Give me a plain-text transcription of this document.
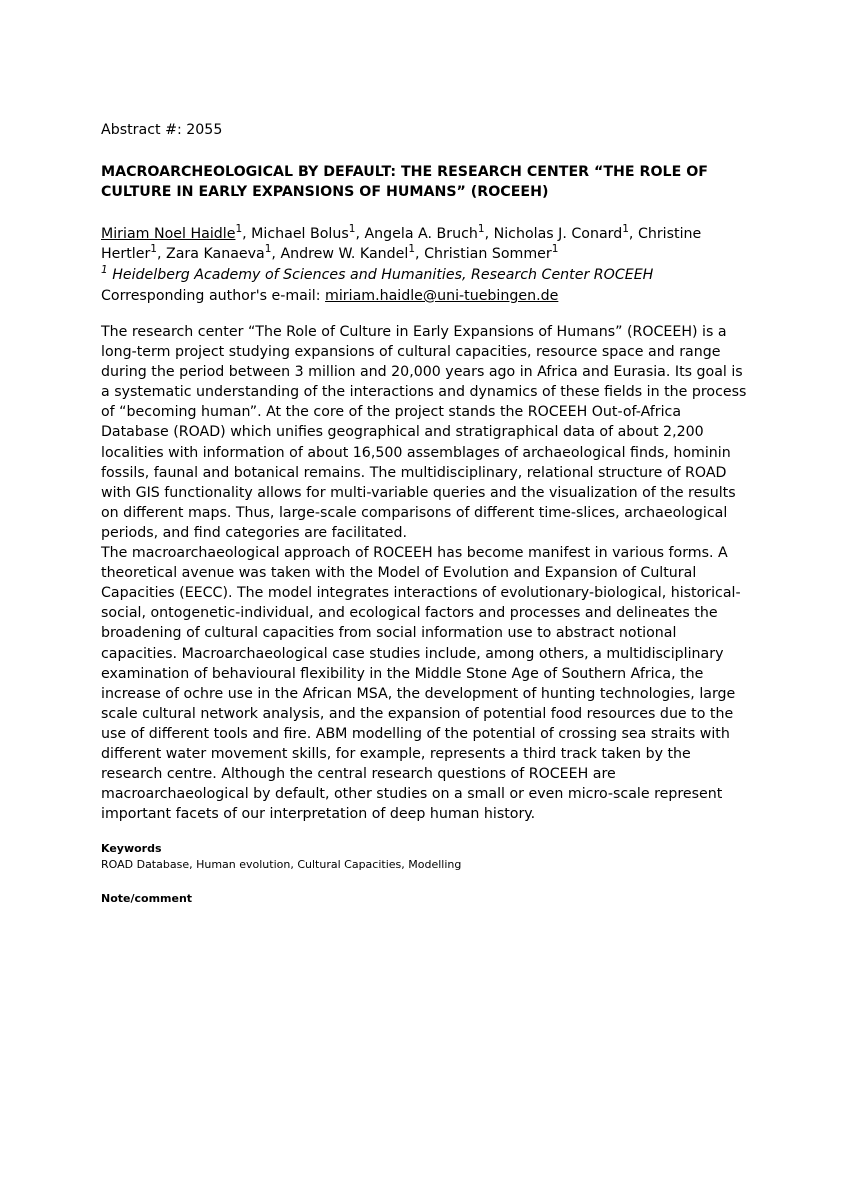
Abstract #: 2055
MACROARCHEOLOGICAL BY DEFAULT: THE RESEARCH CENTER “THE ROLE OF CULTURE IN EARLY EXPANSIONS OF HUMANS” (ROCEEH)
Miriam Noel Haidle$^1$, Michael Bolus$^1$, Angela A. Bruch$^1$, Nicholas J. Conard$^1$, Christine Hertler$^1$, Zara Kanaeva$^1$, Andrew W. Kandel$^1$, Christian Sommer$^1$
$^1$ Heidelberg Academy of Sciences and Humanities, Research Center ROCEEH
Corresponding author's e-mail: miriam.haidle@uni-tuebingen.de

The research center “The Role of Culture in Early Expansions of Humans” (ROCEEH) is a long-term project studying expansions of cultural capacities, resource space and range during the period between 3 million and 20,000 years ago in Africa and Eurasia. Its goal is a systematic understanding of the interactions and dynamics of these fields in the process of “becoming human”. At the core of the project stands the ROCEEH Out-of-Africa Database (ROAD) which unifies geographical and stratigraphical data of about 2,200 localities with information of about 16,500 assemblages of archaeological finds, hominin fossils, faunal and botanical remains. The multidisciplinary, relational structure of ROAD with GIS functionality allows for multi-variable queries and the visualization of the results on different maps. Thus, large-scale comparisons of different time-slices, archaeological periods, and find categories are facilitated.

The macroarchaeological approach of ROCEEH has become manifest in various forms. A theoretical avenue was taken with the Model of Evolution and Expansion of Cultural Capacities (EECC). The model integrates interactions of evolutionary-biological, historical-social, ontogenetic-individual, and ecological factors and processes and delineates the broadening of cultural capacities from social information use to abstract notional capacities. Macroarchaeological case studies include, among others, a multidisciplinary examination of behavioural flexibility in the Middle Stone Age of Southern Africa, the increase of ochre use in the African MSA, the development of hunting technologies, large scale cultural network analysis, and the expansion of potential food resources due to the use of different tools and fire. ABM modelling of the potential of crossing sea straits with different water movement skills, for example, represents a third track taken by the research centre. Although the central research questions of ROCEEH are macroarchaeological by default, other studies on a small or even micro-scale represent important facets of our interpretation of deep human history.

Keywords
ROAD Database, Human evolution, Cultural Capacities, Modelling
Note/comment
